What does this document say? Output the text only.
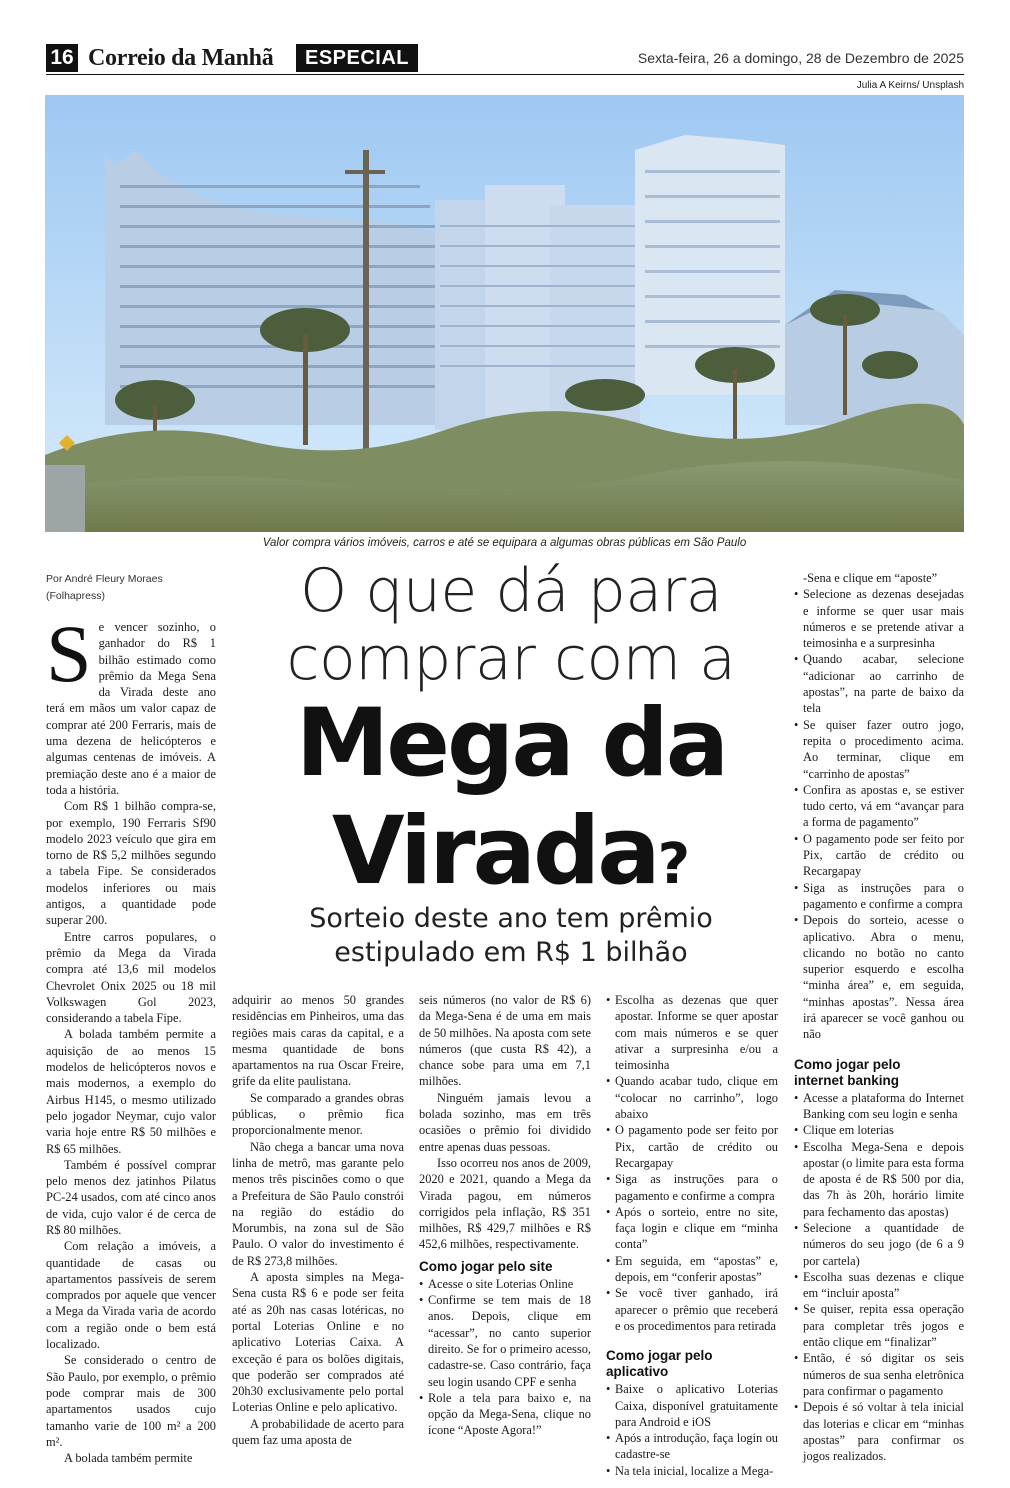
16 Correio da Manhã	ESPECIAL	Sexta-feira, 26 a domingo, 28 de Dezembro de 2025
Julia A Keirns/ Unsplash
Valor compra vários imóveis, carros e até se equipara a algumas obras públicas em São Paulo
Por André Fleury Moraes
(Folhapress)	O que dá para
comprar com a
Mega da
Virada?
Sorteio deste ano tem prêmio
estipulado em R$ 1 bilhão

Se vencer sozinho, o ganhador do R$ 1 bilhão estimado como prêmio da Mega Sena da Virada deste ano terá em mãos um valor capaz de comprar até 200 Ferraris, mais de uma dezena de helicópteros e algumas centenas de imóveis. A premiação deste ano é a maior de toda a história.

Com R$ 1 bilhão compra-se, por exemplo, 190 Ferraris Sf90 modelo 2023 veículo que gira em torno de R$ 5,2 milhões segundo a tabela Fipe. Se considerados modelos inferiores ou mais antigos, a quantidade pode superar 200.

Entre carros populares, o prêmio da Mega da Virada compra até 13,6 mil modelos Chevrolet Onix 2025 ou 18 mil Volkswagen Gol 2023, considerando a tabela Fipe.

A bolada também permite a aquisição de ao menos 15 modelos de helicópteros novos e mais modernos, a exemplo do Airbus H145, o mesmo utilizado pelo jogador Neymar, cujo valor varia hoje entre R$ 50 milhões e R$ 65 milhões.

Também é possível comprar pelo menos dez jatinhos Pilatus PC-24 usados, com até cinco anos de vida, cujo valor é de cerca de R$ 80 milhões.

Com relação a imóveis, a quantidade de casas ou apartamentos passíveis de serem comprados por aquele que vencer a Mega da Virada varia de acordo com a região onde o bem está localizado.

Se considerado o centro de São Paulo, por exemplo, o prêmio pode comprar mais de 300 apartamentos usados cujo tamanho varie de 100 m² a 200 m².

A bolada também permite

adquirir ao menos 50 grandes residências em Pinheiros, uma das regiões mais caras da capital, e a mesma quantidade de bons apartamentos na rua Oscar Freire, grife da elite paulistana.

Se comparado a grandes obras públicas, o prêmio fica proporcionalmente menor.

Não chega a bancar uma nova linha de metrô, mas garante pelo menos três piscinões como o que a Prefeitura de São Paulo constrói na região do estádio do Morumbis, na zona sul de São Paulo. O valor do investimento é de R$ 273,8 milhões.

A aposta simples na Mega-Sena custa R$ 6 e pode ser feita até as 20h nas casas lotéricas, no portal Loterias Online e no aplicativo Loterias Caixa. A exceção é para os bolões digitais, que poderão ser comprados até 20h30 exclusivamente pelo portal Loterias Online e pelo aplicativo.

A probabilidade de acerto para quem faz uma aposta de

seis números (no valor de R$ 6) da Mega-Sena é de uma em mais de 50 milhões. Na aposta com sete números (que custa R$ 42), a chance sobe para uma em 7,1 milhões.

Ninguém jamais levou a bolada sozinho, mas em três ocasiões o prêmio foi dividido entre apenas duas pessoas.

Isso ocorreu nos anos de 2009, 2020 e 2021, quando a Mega da Virada pagou, em números corrigidos pela inflação, R$ 351 milhões, R$ 429,7 milhões e R$ 452,6 milhões, respectivamente.

Como jogar pelo site
• Acesse o site Loterias Online
• Confirme se tem mais de 18 anos. Depois, clique em “acessar”, no canto superior direito. Se for o primeiro acesso, cadastre-se. Caso contrário, faça seu login usando CPF e senha
• Role a tela para baixo e, na opção da Mega-Sena, clique no ícone “Aposte Agora!”
• Escolha as dezenas que quer apostar. Informe se quer apostar com mais números e se quer ativar a surpresinha e/ou a teimosinha
• Quando acabar tudo, clique em “colocar no carrinho”, logo abaixo
• O pagamento pode ser feito por Pix, cartão de crédito ou Recargapay
• Siga as instruções para o pagamento e confirme a compra
• Após o sorteio, entre no site, faça login e clique em “minha conta”
• Em seguida, em “apostas” e, depois, em “conferir apostas”
• Se você tiver ganhado, irá aparecer o prêmio que receberá e os procedimentos para retirada
Como jogar pelo
aplicativo
• Baixe o aplicativo Loterias Caixa, disponível gratuitamente para Android e iOS
• Após a introdução, faça login ou cadastre-se
• Na tela inicial, localize a Mega-

-Sena e clique em “aposte”

• Selecione as dezenas desejadas e informe se quer usar mais números e se pretende ativar a teimosinha e a surpresinha
• Quando acabar, selecione “adicionar ao carrinho de apostas”, na parte de baixo da tela
• Se quiser fazer outro jogo, repita o procedimento acima. Ao terminar, clique em “carrinho de apostas”
• Confira as apostas e, se estiver tudo certo, vá em “avançar para a forma de pagamento”
• O pagamento pode ser feito por Pix, cartão de crédito ou Recargapay
• Siga as instruções para o pagamento e confirme a compra
• Depois do sorteio, acesse o aplicativo. Abra o menu, clicando no botão no canto superior esquerdo e escolha “minha área” e, em seguida, “minhas apostas”. Nessa área irá aparecer se você ganhou ou não
Como jogar pelo
internet banking
• Acesse a plataforma do Internet Banking com seu login e senha
• Clique em loterias
• Escolha Mega-Sena e depois apostar (o limite para esta forma de aposta é de R$ 500 por dia, das 7h às 20h, horário limite para fechamento das apostas)
• Selecione a quantidade de números do seu jogo (de 6 a 9 por cartela)
• Escolha suas dezenas e clique em “incluir aposta”
• Se quiser, repita essa operação para completar três jogos e então clique em “finalizar”
• Então, é só digitar os seis números de sua senha eletrônica para confirmar o pagamento
• Depois é só voltar à tela inicial das loterias e clicar em “minhas apostas” para confirmar os jogos realizados.
